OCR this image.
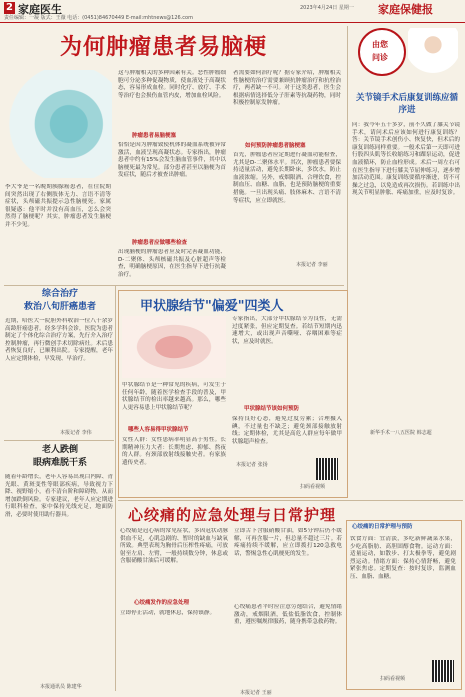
2 家庭医生	2023年4月24日 星期一 家庭保健报
责任编辑：一凝 版式：王薇 电话：(0451)84670449 E-mail:mhtnews@126.com
为何肿瘤患者易脑梗
李大爷是一名晚期胰腺癌患者，在住院期间突然出现了右侧肢体无力、言语不清等症状，头颅磁共振提示急性脑梗死。家属很疑惑：他平时并没有高血压，怎么会突然得了脑梗呢？其实，肿瘤患者发生脑梗并不少见。
这与肿瘤相关的多种因素有关。恶性肿瘤细胞可分泌多种促凝物质，使血液处于高凝状态，容易形成血栓。同时化疗、放疗、手术等治疗也会损伤血管内皮，增加血栓风险。
肿瘤患者易脑梗塞
恰恰是因为肿瘤致使机体的凝血系统被异常激活，血液呈现高凝状态。专家指出，肿瘤患者中约有15%会发生脑血管事件，其中以脑梗死最为常见。部分患者甚至以脑梗为首发症状，随后才被查出肿瘤。
肿瘤患者应做哪些检查
出现脑梗的肿瘤患者应及时完善凝血功能、D-二聚体、头颅核磁共振及心脏超声等检查，明确脑梗原因，在医生指导下进行抗凝治疗。
者需要如何治疗呢？据专家介绍，肿瘤相关性脑梗的治疗需要兼顾抗肿瘤治疗和抗栓治疗，两者缺一不可。对于这类患者，医生会根据病情选择低分子肝素等抗凝药物，同时积极控制原发肿瘤。
如何预防肿瘤患者脑梗塞
首先，肿瘤患者应定期进行凝血功能检查，尤其是D-二聚体水平。其次，肿瘤患者要保持适量活动，避免长期卧床，多饮水，防止血液浓缩。另外，戒烟限酒、合理饮食，控制血压、血糖、血脂，也是预防脑梗的重要措施。一旦出现头痛、肢体麻木、言语不清等症状，应立即就医。
本报记者 李丽
由您
问诊
关节镜手术后康复训练应循序进
问：我今年五十多岁，前不久做了膝关节镜手术，请问术后应该如何进行康复训练？答：关节镜手术创伤小、恢复快，但术后的康复训练同样重要。一般术后第一天即可进行股四头肌等长收缩练习和踝泵运动，促进血液循环，防止血栓形成。术后一周左右可在医生指导下进行膝关节屈伸练习，逐步增加活动范围。康复训练要循序渐进，切不可操之过急，以免造成再次损伤。若训练中出现关节明显肿胀、疼痛加重，应及时复诊。
新华手术一八五医院 韩志超
综合治疗
救治八旬肝癌患者
近期，哈医大一院胆外科收治一位八十余岁高龄肝癌患者。经多学科会诊，医院为患者制定了个体化综合治疗方案，先行介入治疗控制肿瘤，再行微创手术切除病灶。术后患者恢复良好，已顺利出院。专家提醒，老年人应定期体检，早发现、早治疗。
本报记者 李伟
老人跌倒
眼病难脱干系
随着年龄增长，老年人容易出现白内障、青光眼、黄斑变性等眼部疾病，导致视力下降、视野缩小，看不清台阶和障碍物，从而增加跌倒风险。专家建议，老年人应定期进行眼科检查，家中保持光线充足，地面防滑，必要时使用助行器具。
本报通讯员 陈建华
甲状腺结节"偏爱"四类人
甲状腺结节是一种常见的疾病，可发生于任何年龄，随着医学检查手段的普及，甲状腺结节的检出率越来越高。那么，哪些人更容易患上甲状腺结节呢？
哪些人容易得甲状腺结节
女性人群：女性患病率明显高于男性。长期精神压力大者：长期焦虑、抑郁、熬夜的人群。有颈部放射线接触史者。有家族遗传史者。
专家指出，大部分甲状腺结节为良性，无需过度紧张，但应定期复查。若结节短期内迅速增大，或出现声音嘶哑、吞咽困难等症状，应及时就医。
甲状腺结节该如何预防
保持良好心态，避免过度劳累；合理摄入碘，不过量也不缺乏；避免颈部接触放射线；定期体检，尤其是高危人群应每年做甲状腺超声检查。
本报记者 张扬
扫码看视频
心绞痛的应急处理与日常护理
心绞痛是冠心病的常见症状，多因冠状动脉供血不足，心肌急剧的、暂时的缺血与缺氧所致。典型表现为胸骨后压榨性疼痛，可放射至左肩、左臂，一般持续数分钟，休息或含服硝酸甘油后可缓解。
心绞痛发作的应急处理
立即停止活动，就地休息，保持镇静。
立即舌下含服硝酸甘油，如5分钟后仍不缓解，可再含服一片，但总量不超过三片。若疼痛持续不缓解，应立即拨打120急救电话，警惕急性心肌梗死的发生。
心绞痛患者平时应注意劳逸结合，避免情绪激动，戒烟限酒，低盐低脂饮食，控制体重，遵医嘱规律服药，随身携带急救药物。
心绞痛的日常护理与预防
饮食方面：宜清淡，多吃新鲜蔬菜水果，少吃高脂肪、高胆固醇食物。运动方面：适量运动，如散步、打太极拳等，避免剧烈运动。情绪方面：保持心情舒畅，避免紧张焦虑。定期复查：按时复诊，监测血压、血脂、血糖。
扫码看视频
本报记者 王丽
